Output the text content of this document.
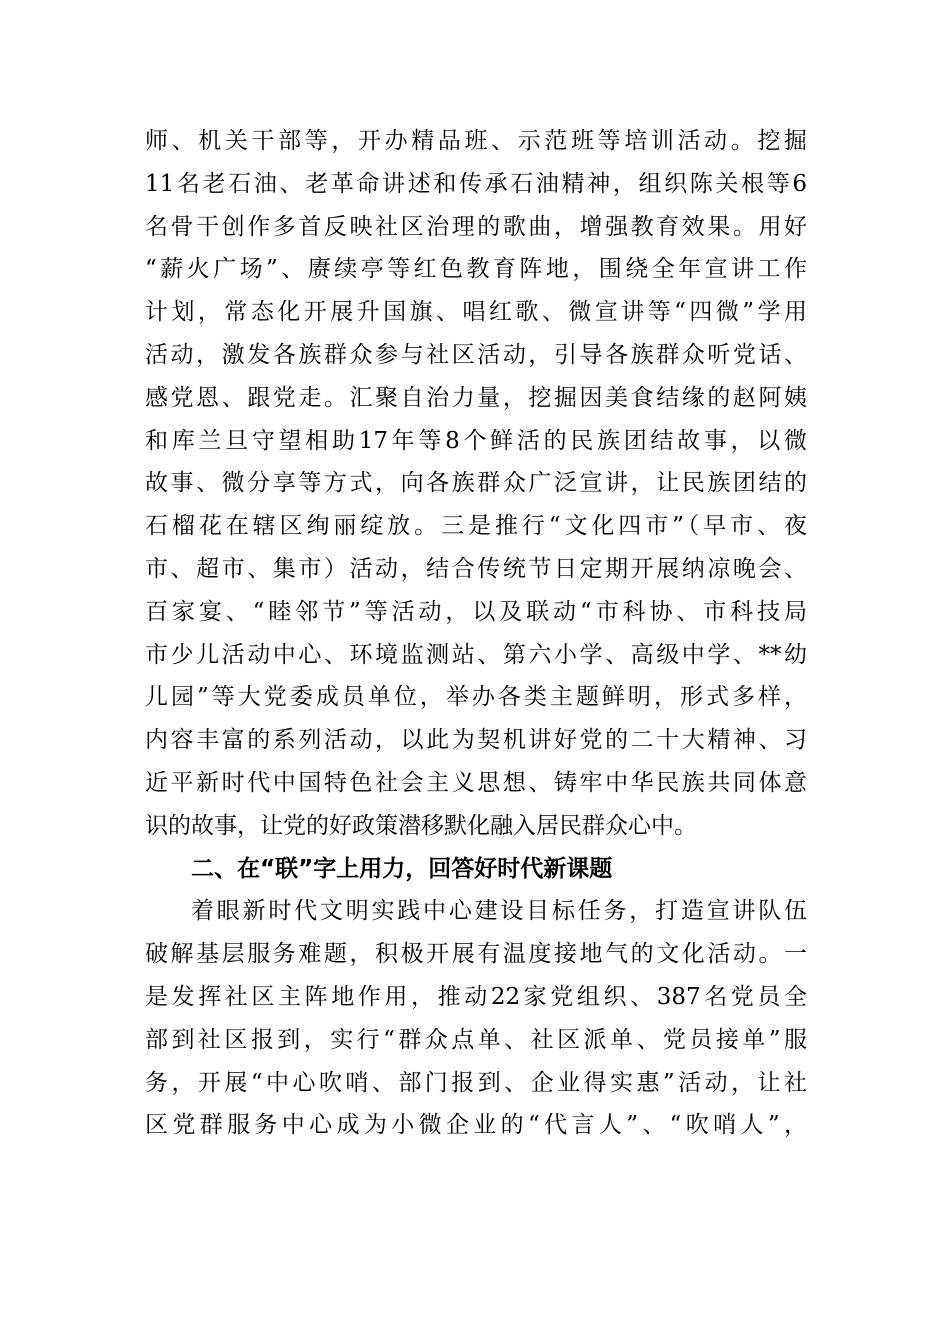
师、机关干部等，开办精品班、示范班等培训活动。挖掘
11名老石油、老革命讲述和传承石油精神，组织陈关根等6
名骨干创作多首反映社区治理的歌曲，增强教育效果。用好
“薪火广场”、赓续亭等红色教育阵地，围绕全年宣讲工作
计划，常态化开展升国旗、唱红歌、微宣讲等“四微”学用
活动，激发各族群众参与社区活动，引导各族群众听党话、
感党恩、跟党走。汇聚自治力量，挖掘因美食结缘的赵阿姨
和库兰旦守望相助17年等8个鲜活的民族团结故事，以微
故事、微分享等方式，向各族群众广泛宣讲，让民族团结的
石榴花在辖区绚丽绽放。三是推行“文化四市”（早市、夜
市、超市、集市）活动，结合传统节日定期开展纳凉晚会、
百家宴、“睦邻节”等活动，以及联动“市科协、市科技局
市少儿活动中心、环境监测站、第六小学、高级中学、**幼
儿园”等大党委成员单位，举办各类主题鲜明，形式多样，
内容丰富的系列活动，以此为契机讲好党的二十大精神、习
近平新时代中国特色社会主义思想、铸牢中华民族共同体意
识的故事，让党的好政策潜移默化融入居民群众心中。
二、在“联”字上用力，回答好时代新课题
着眼新时代文明实践中心建设目标任务，打造宣讲队伍
破解基层服务难题，积极开展有温度接地气的文化活动。一
是发挥社区主阵地作用，推动22家党组织、387名党员全
部到社区报到，实行“群众点单、社区派单、党员接单”服
务，开展“中心吹哨、部门报到、企业得实惠”活动，让社
区党群服务中心成为小微企业的“代言人”、“吹哨人”，
